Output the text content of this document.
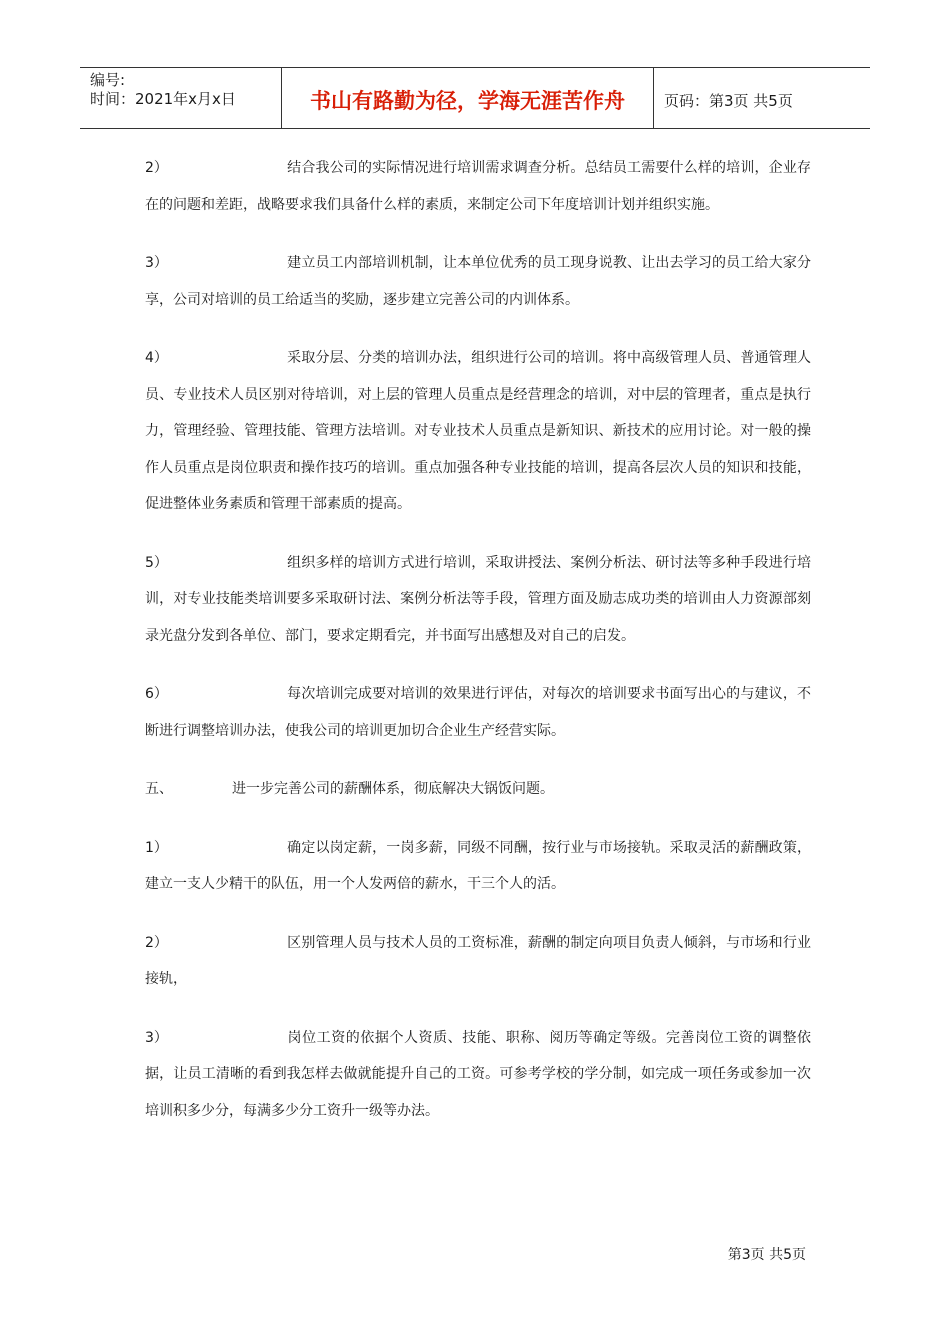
编号:
时间：2021年x月x日	书山有路勤为径，学海无涯苦作舟	页码：第3页 共5页

2）	结合我公司的实际情况进行培训需求调查分析。总结员工需要什么样的培训，企业存在的问题和差距，战略要求我们具备什么样的素质，来制定公司下年度培训计划并组织实施。

3）	建立员工内部培训机制，让本单位优秀的员工现身说教、让出去学习的员工给大家分享，公司对培训的员工给适当的奖励，逐步建立完善公司的内训体系。

4）	采取分层、分类的培训办法，组织进行公司的培训。将中高级管理人员、普通管理人员、专业技术人员区别对待培训，对上层的管理人员重点是经营理念的培训，对中层的管理者，重点是执行力，管理经验、管理技能、管理方法培训。对专业技术人员重点是新知识、新技术的应用讨论。对一般的操作人员重点是岗位职责和操作技巧的培训。重点加强各种专业技能的培训，提高各层次人员的知识和技能，促进整体业务素质和管理干部素质的提高。

5）	组织多样的培训方式进行培训，采取讲授法、案例分析法、研讨法等多种手段进行培训，对专业技能类培训要多采取研讨法、案例分析法等手段，管理方面及励志成功类的培训由人力资源部刻录光盘分发到各单位、部门，要求定期看完，并书面写出感想及对自己的启发。

6）	每次培训完成要对培训的效果进行评估，对每次的培训要求书面写出心的与建议，不断进行调整培训办法，使我公司的培训更加切合企业生产经营实际。

五、	进一步完善公司的薪酬体系，彻底解决大锅饭问题。

1）	确定以岗定薪，一岗多薪，同级不同酬，按行业与市场接轨。采取灵活的薪酬政策，建立一支人少精干的队伍，用一个人发两倍的薪水，干三个人的活。

2）	区别管理人员与技术人员的工资标准，薪酬的制定向项目负责人倾斜，与市场和行业接轨，

3）	岗位工资的依据个人资质、技能、职称、阅历等确定等级。完善岗位工资的调整依据，让员工清晰的看到我怎样去做就能提升自己的工资。可参考学校的学分制，如完成一项任务或参加一次培训积多少分，每满多少分工资升一级等办法。

第3页 共5页
